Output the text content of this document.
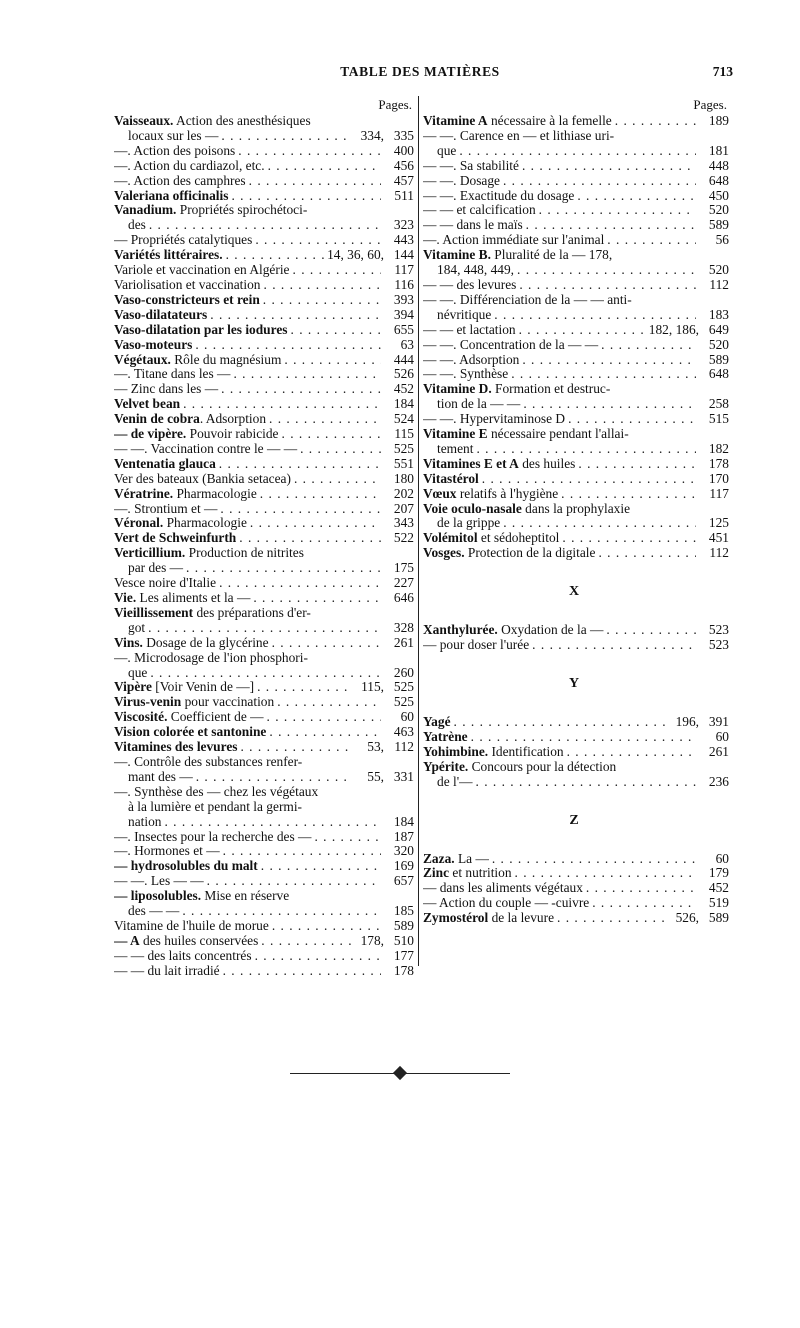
TABLE DES MATIÈRES	713
Pages.
Vaisseaux. Action des anesthésiques
locaux sur les — . . .	334, 335
—. Action des poisons . . .	400
—. Action du cardiazol, etc. . . .	456
—. Action des camphres . . .	457
Valeriana officinalis . . .	511
Vanadium. Propriétés spirochétoci-
des . . .	323
— Propriétés catalytiques . . .	443
Variétés littéraires. . . .	14, 36, 60, 144
Variole et vaccination en Algérie . . .	117
Variolisation et vaccination . . .	116
Vaso-constricteurs et rein . . .	393
Vaso-dilatateurs . . .	394
Vaso-dilatation par les iodures . . .	655
Vaso-moteurs . . .	63
Végétaux. Rôle du magnésium . . .	444
—. Titane dans les — . . .	526
— Zinc dans les — . . .	452
Velvet bean . . .	184
Venin de cobra. Adsorption . . .	524
— de vipère. Pouvoir rabicide . . .	115
— —. Vaccination contre le — — . . .	525
Ventenatia glauca . . .	551
Ver des bateaux (Bankia setacea) . . .	180
Vératrine. Pharmacologie . . .	202
—. Strontium et — . . .	207
Véronal. Pharmacologie . . .	343
Vert de Schweinfurth . . .	522
Verticillium. Production de nitrites
par des — . . .	175
Vesce noire d'Italie . . .	227
Vie. Les aliments et la — . . .	646
Vieillissement des préparations d'er-
got . . .	328
Vins. Dosage de la glycérine . . .	261
—. Microdosage de l'ion phosphori-
que . . .	260
Vipère [Voir Venin de —] . . .	115, 525
Virus-venin pour vaccination . . .	525
Viscosité. Coefficient de — . . .	60
Vision colorée et santonine . . .	463
Vitamines des levures . . .	53, 112
—. Contrôle des substances renfer-
mant des — . . .	55, 331
—. Synthèse des — chez les végétaux
à la lumière et pendant la germi-
nation . . .	184
—. Insectes pour la recherche des — . . .	187
—. Hormones et — . . .	320
— hydrosolubles du malt . . .	169
— —. Les — — . . .	657
— liposolubles. Mise en réserve
des — — . . .	185
Vitamine de l'huile de morue . . .	589
— A des huiles conservées . . .	178, 510
— — des laits concentrés . . .	177
— — du lait irradié . . .	178
Pages.
Vitamine A nécessaire à la femelle . . .	189
— —. Carence en — et lithiase uri-
que . . .	181
— —. Sa stabilité . . .	448
— —. Dosage . . .	648
— —. Exactitude du dosage . . .	450
— — et calcification . . .	520
— — dans le maïs . . .	589
—. Action immédiate sur l'animal . . .	56
Vitamine B. Pluralité de la — 178,
184, 448, 449, . . .	520
— — des levures . . .	112
— —. Différenciation de la — — anti-
névritique . . .	183
— — et lactation . . .	182, 186, 649
— —. Concentration de la — — . . .	520
— —. Adsorption . . .	589
— —. Synthèse . . .	648
Vitamine D. Formation et destruc-
tion de la — — . . .	258
— —. Hypervitaminose D . . .	515
Vitamine E nécessaire pendant l'allai-
tement . . .	182
Vitamines E et A des huiles . . .	178
Vitastérol . . .	170
Vœux relatifs à l'hygiène . . .	117
Voie oculo-nasale dans la prophylaxie
de la grippe . . .	125
Volémitol et sédoheptitol . . .	451
Vosges. Protection de la digitale . . .	112
X
Xanthylurée. Oxydation de la — . . .	523
— pour doser l'urée . . .	523
Y
Yagé . . .	196, 391
Yatrène . . .	60
Yohimbine. Identification . . .	261
Ypérite. Concours pour la détection
de l'— . . .	236
Z
Zaza. La — . . .	60
Zinc et nutrition . . .	179
— dans les aliments végétaux . . .	452
— Action du couple — -cuivre . . .	519
Zymostérol de la levure . . .	526, 589
